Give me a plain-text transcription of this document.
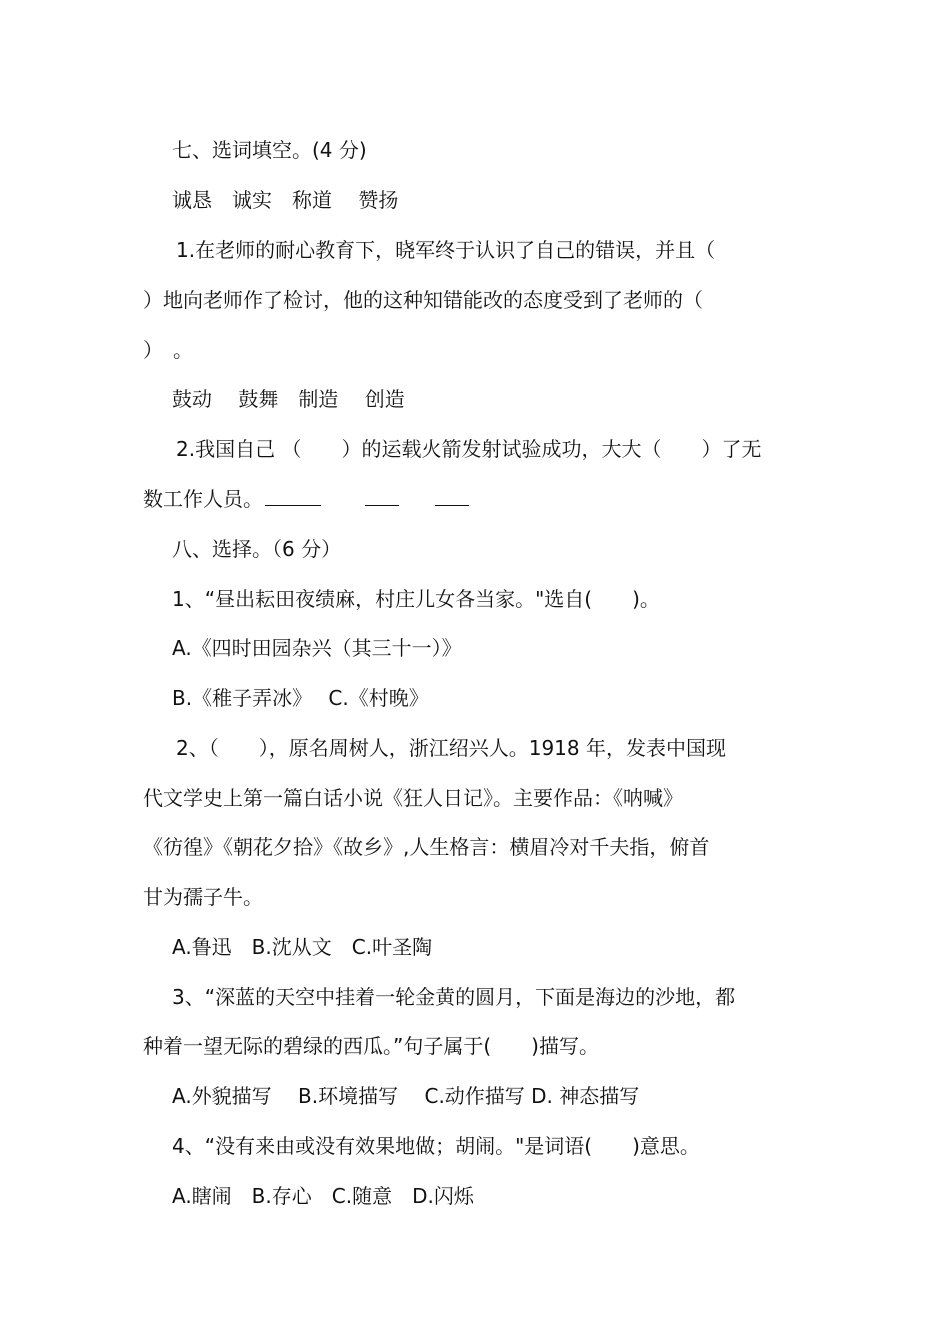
七、选词填空。(4 分)
诚恳　诚实　称道　 赞扬
1.在老师的耐心教育下，晓军终于认识了自己的错误，并且（
）地向老师作了检讨，他的这种知错能改的态度受到了老师的（
）　。
鼓动　 鼓舞　制造　 创造
2.我国自己 （　　）的运载火箭发射试验成功，大大（　　）了无
数工作人员。
八、选择。（6 分）
1、“昼出耘田夜绩麻，村庄儿女各当家。"选自(　　)。
A.《四时田园杂兴（其三十一）》
B.《稚子弄冰》　 C.《村晚》
2、（　　），原名周树人，浙江绍兴人。1918 年，发表中国现
代文学史上第一篇白话小说《狂人日记》。主要作品：《呐喊》
《彷徨》《朝花夕拾》《故乡》,人生格言：横眉冷对千夫指，俯首
甘为孺子牛。
A.鲁迅　B.沈从文　C.叶圣陶
3、“深蓝的天空中挂着一轮金黄的圆月，下面是海边的沙地，都
种着一望无际的碧绿的西瓜。”句子属于(　　)描写。
A.外貌描写　 B.环境描写　 C.动作描写 D. 神态描写
4、“没有来由或没有效果地做；胡闹。"是词语(　　)意思。
A.瞎闹　B.存心　C.随意　D.闪烁
